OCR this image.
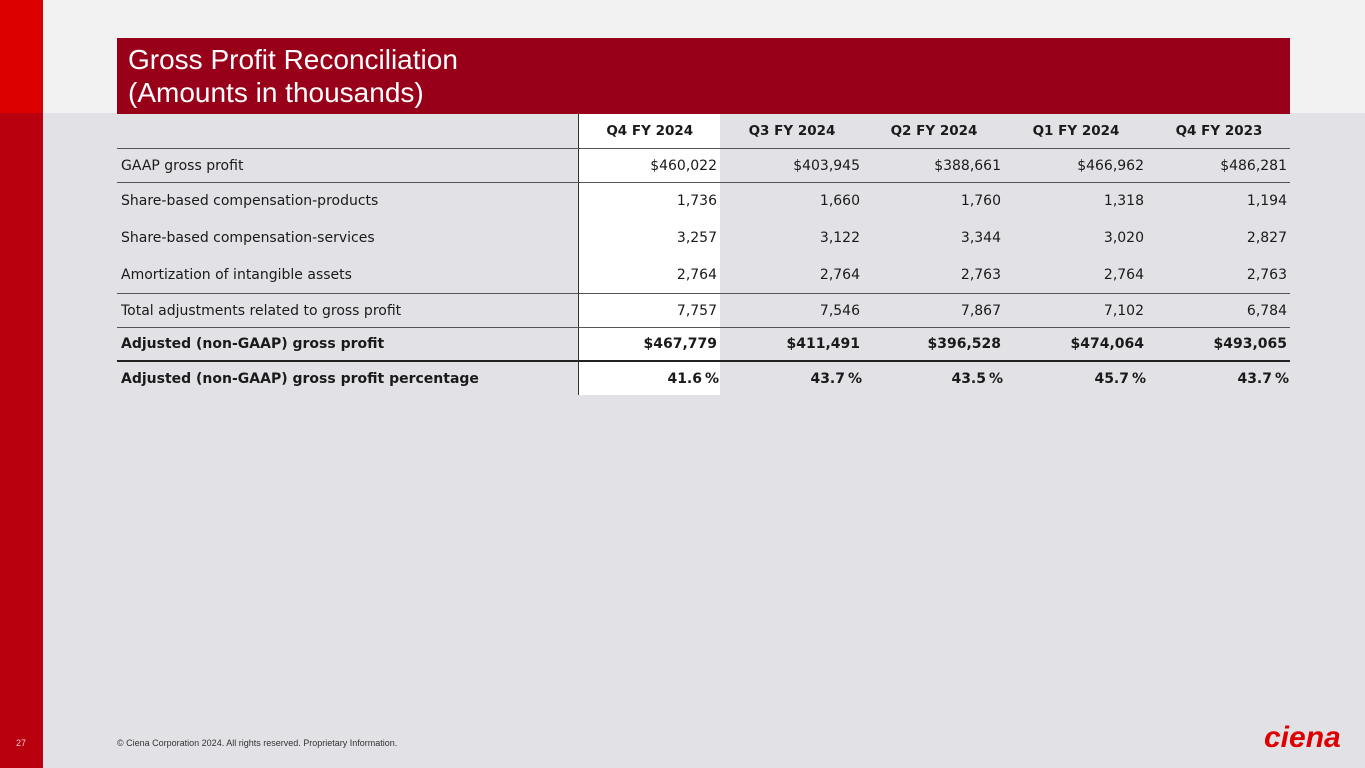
Gross Profit Reconciliation
(Amounts in thousands)
	Q4 FY 2024	Q3 FY 2024	Q2 FY 2024	Q1 FY 2024	Q4 FY 2023
GAAP gross profit	$460,022	$403,945	$388,661	$466,962	$486,281
Share-based compensation-products	1,736	1,660	1,760	1,318	1,194
Share-based compensation-services	3,257	3,122	3,344	3,020	2,827
Amortization of intangible assets	2,764	2,764	2,763	2,764	2,763
Total adjustments related to gross profit	7,757	7,546	7,867	7,102	6,784
Adjusted (non-GAAP) gross profit	$467,779	$411,491	$396,528	$474,064	$493,065
Adjusted (non-GAAP) gross profit percentage	41.6 %	43.7 %	43.5 %	45.7 %	43.7 %
27	© Ciena Corporation 2024. All rights reserved. Proprietary Information.	ciena
